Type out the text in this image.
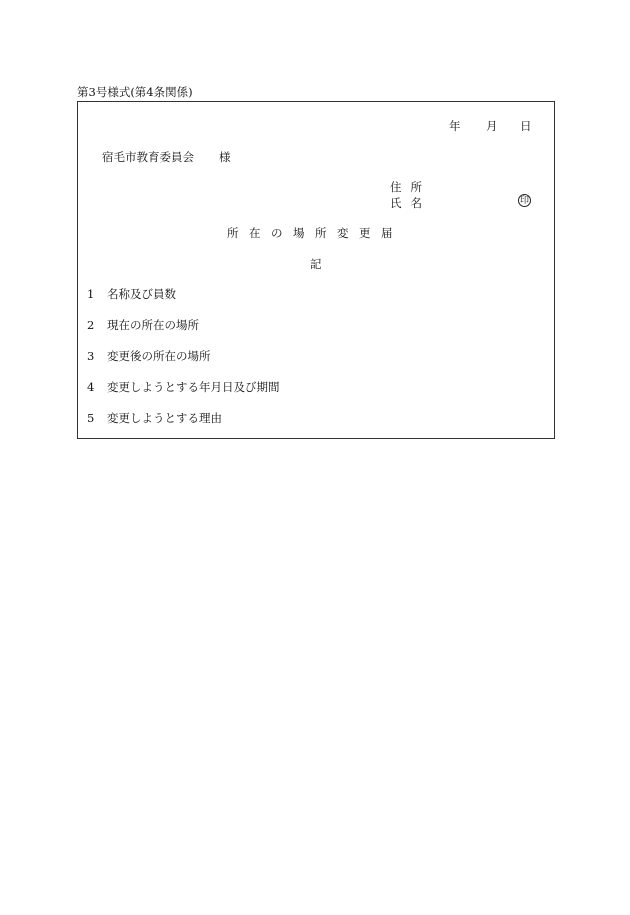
第3号様式(第4条関係)
年 月 日
宿毛市教育委員会 様
住所
氏名	印
所在の場所変更届
記
1 名称及び員数
2 現在の所在の場所
3 変更後の所在の場所
4 変更しようとする年月日及び期間
5 変更しようとする理由
